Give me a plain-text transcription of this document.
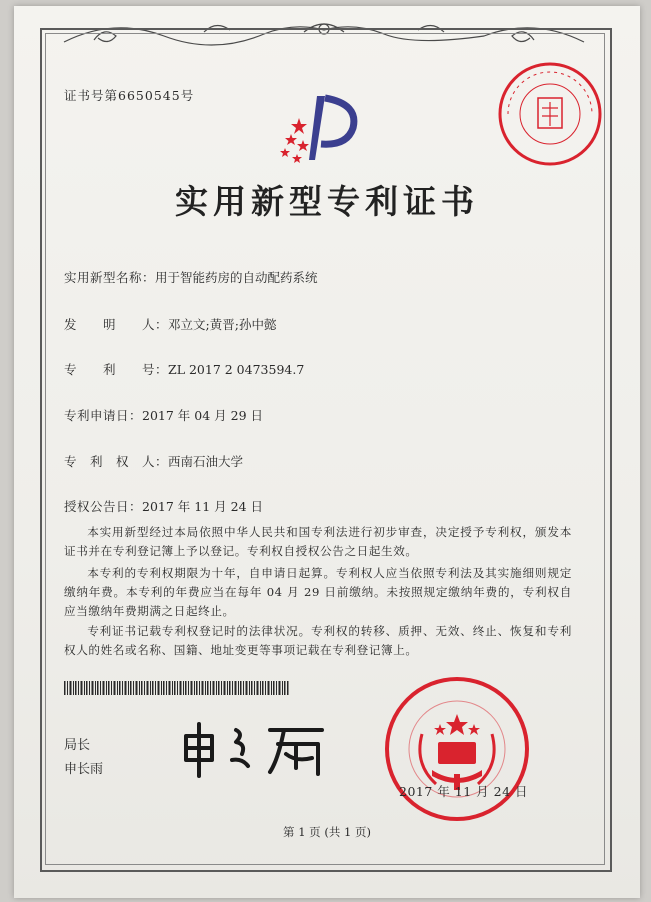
证书号第6650545号
实用新型专利证书
实用新型名称：用于智能药房的自动配药系统
发　　明　　人：邓立文;黄晋;孙中懿
专　　利　　号：ZL 2017 2 0473594.7
专利申请日：2017 年 04 月 29 日
专　利　权　人：西南石油大学
授权公告日：2017 年 11 月 24 日
本实用新型经过本局依照中华人民共和国专利法进行初步审查，决定授予专利权，颁发本证书并在专利登记簿上予以登记。专利权自授权公告之日起生效。
本专利的专利权期限为十年，自申请日起算。专利权人应当依照专利法及其实施细则规定缴纳年费。本专利的年费应当在每年 04 月 29 日前缴纳。未按照规定缴纳年费的，专利权自应当缴纳年费期满之日起终止。
专利证书记载专利权登记时的法律状况。专利权的转移、质押、无效、终止、恢复和专利权人的姓名或名称、国籍、地址变更等事项记载在专利登记簿上。
局长
申长雨
2017 年 11 月 24 日
第 1 页 (共 1 页)
